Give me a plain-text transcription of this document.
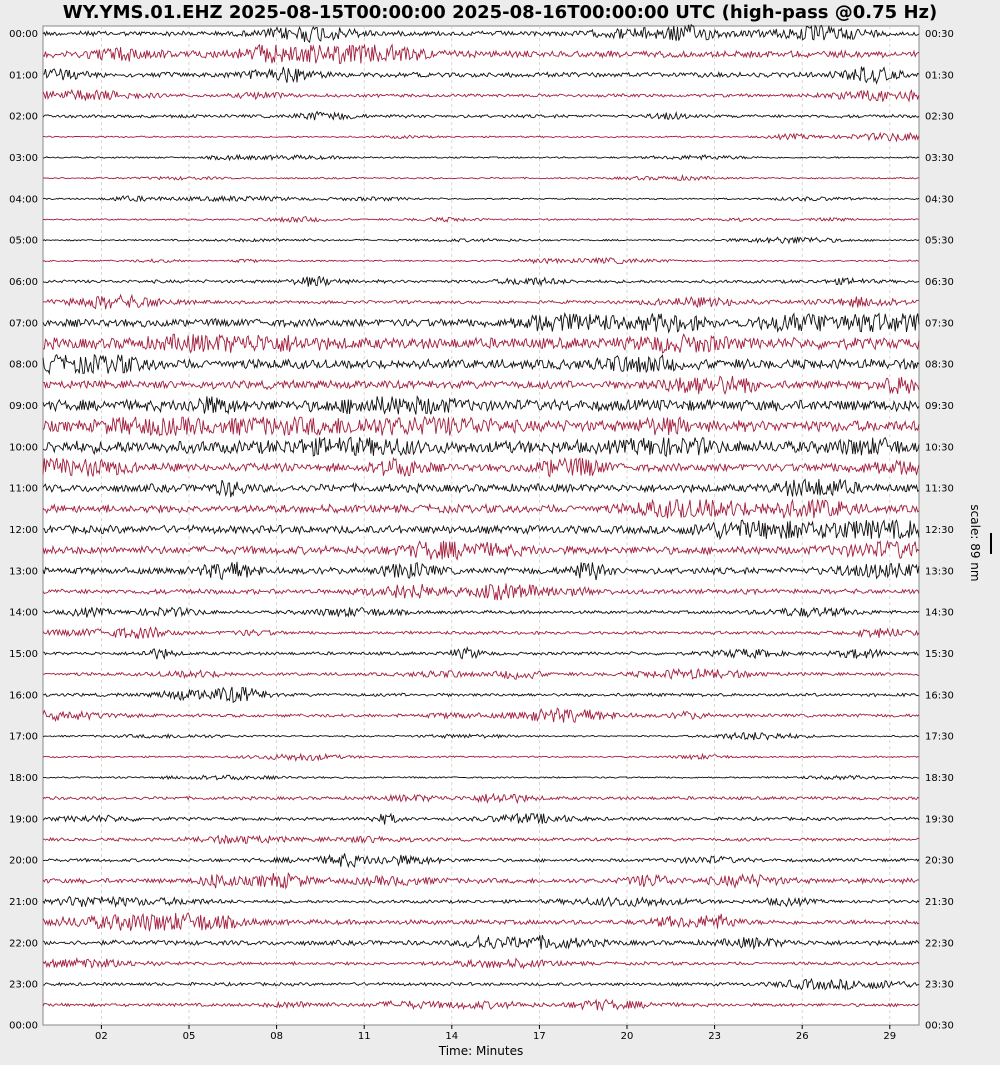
WY.YMS.01.EHZ 2025-08-15T00:00:00 2025-08-16T00:00:00 UTC (high-pass @0.75 Hz)
00:00
01:00
02:00
03:00
04:00
05:00
06:00
07:00
08:00
09:00
10:00
11:00
12:00
13:00
14:00
15:00
16:00
17:00
18:00
19:00
20:00
21:00
22:00
23:00
00:00
00:30
01:30
02:30
03:30
04:30
05:30
06:30
07:30
08:30
09:30
10:30
11:30
12:30
13:30
14:30
15:30
16:30
17:30
18:30
19:30
20:30
21:30
22:30
23:30
00:30
02	05	08	11	14	17	20	23	26	29
Time: Minutes
scale: 89 nm
